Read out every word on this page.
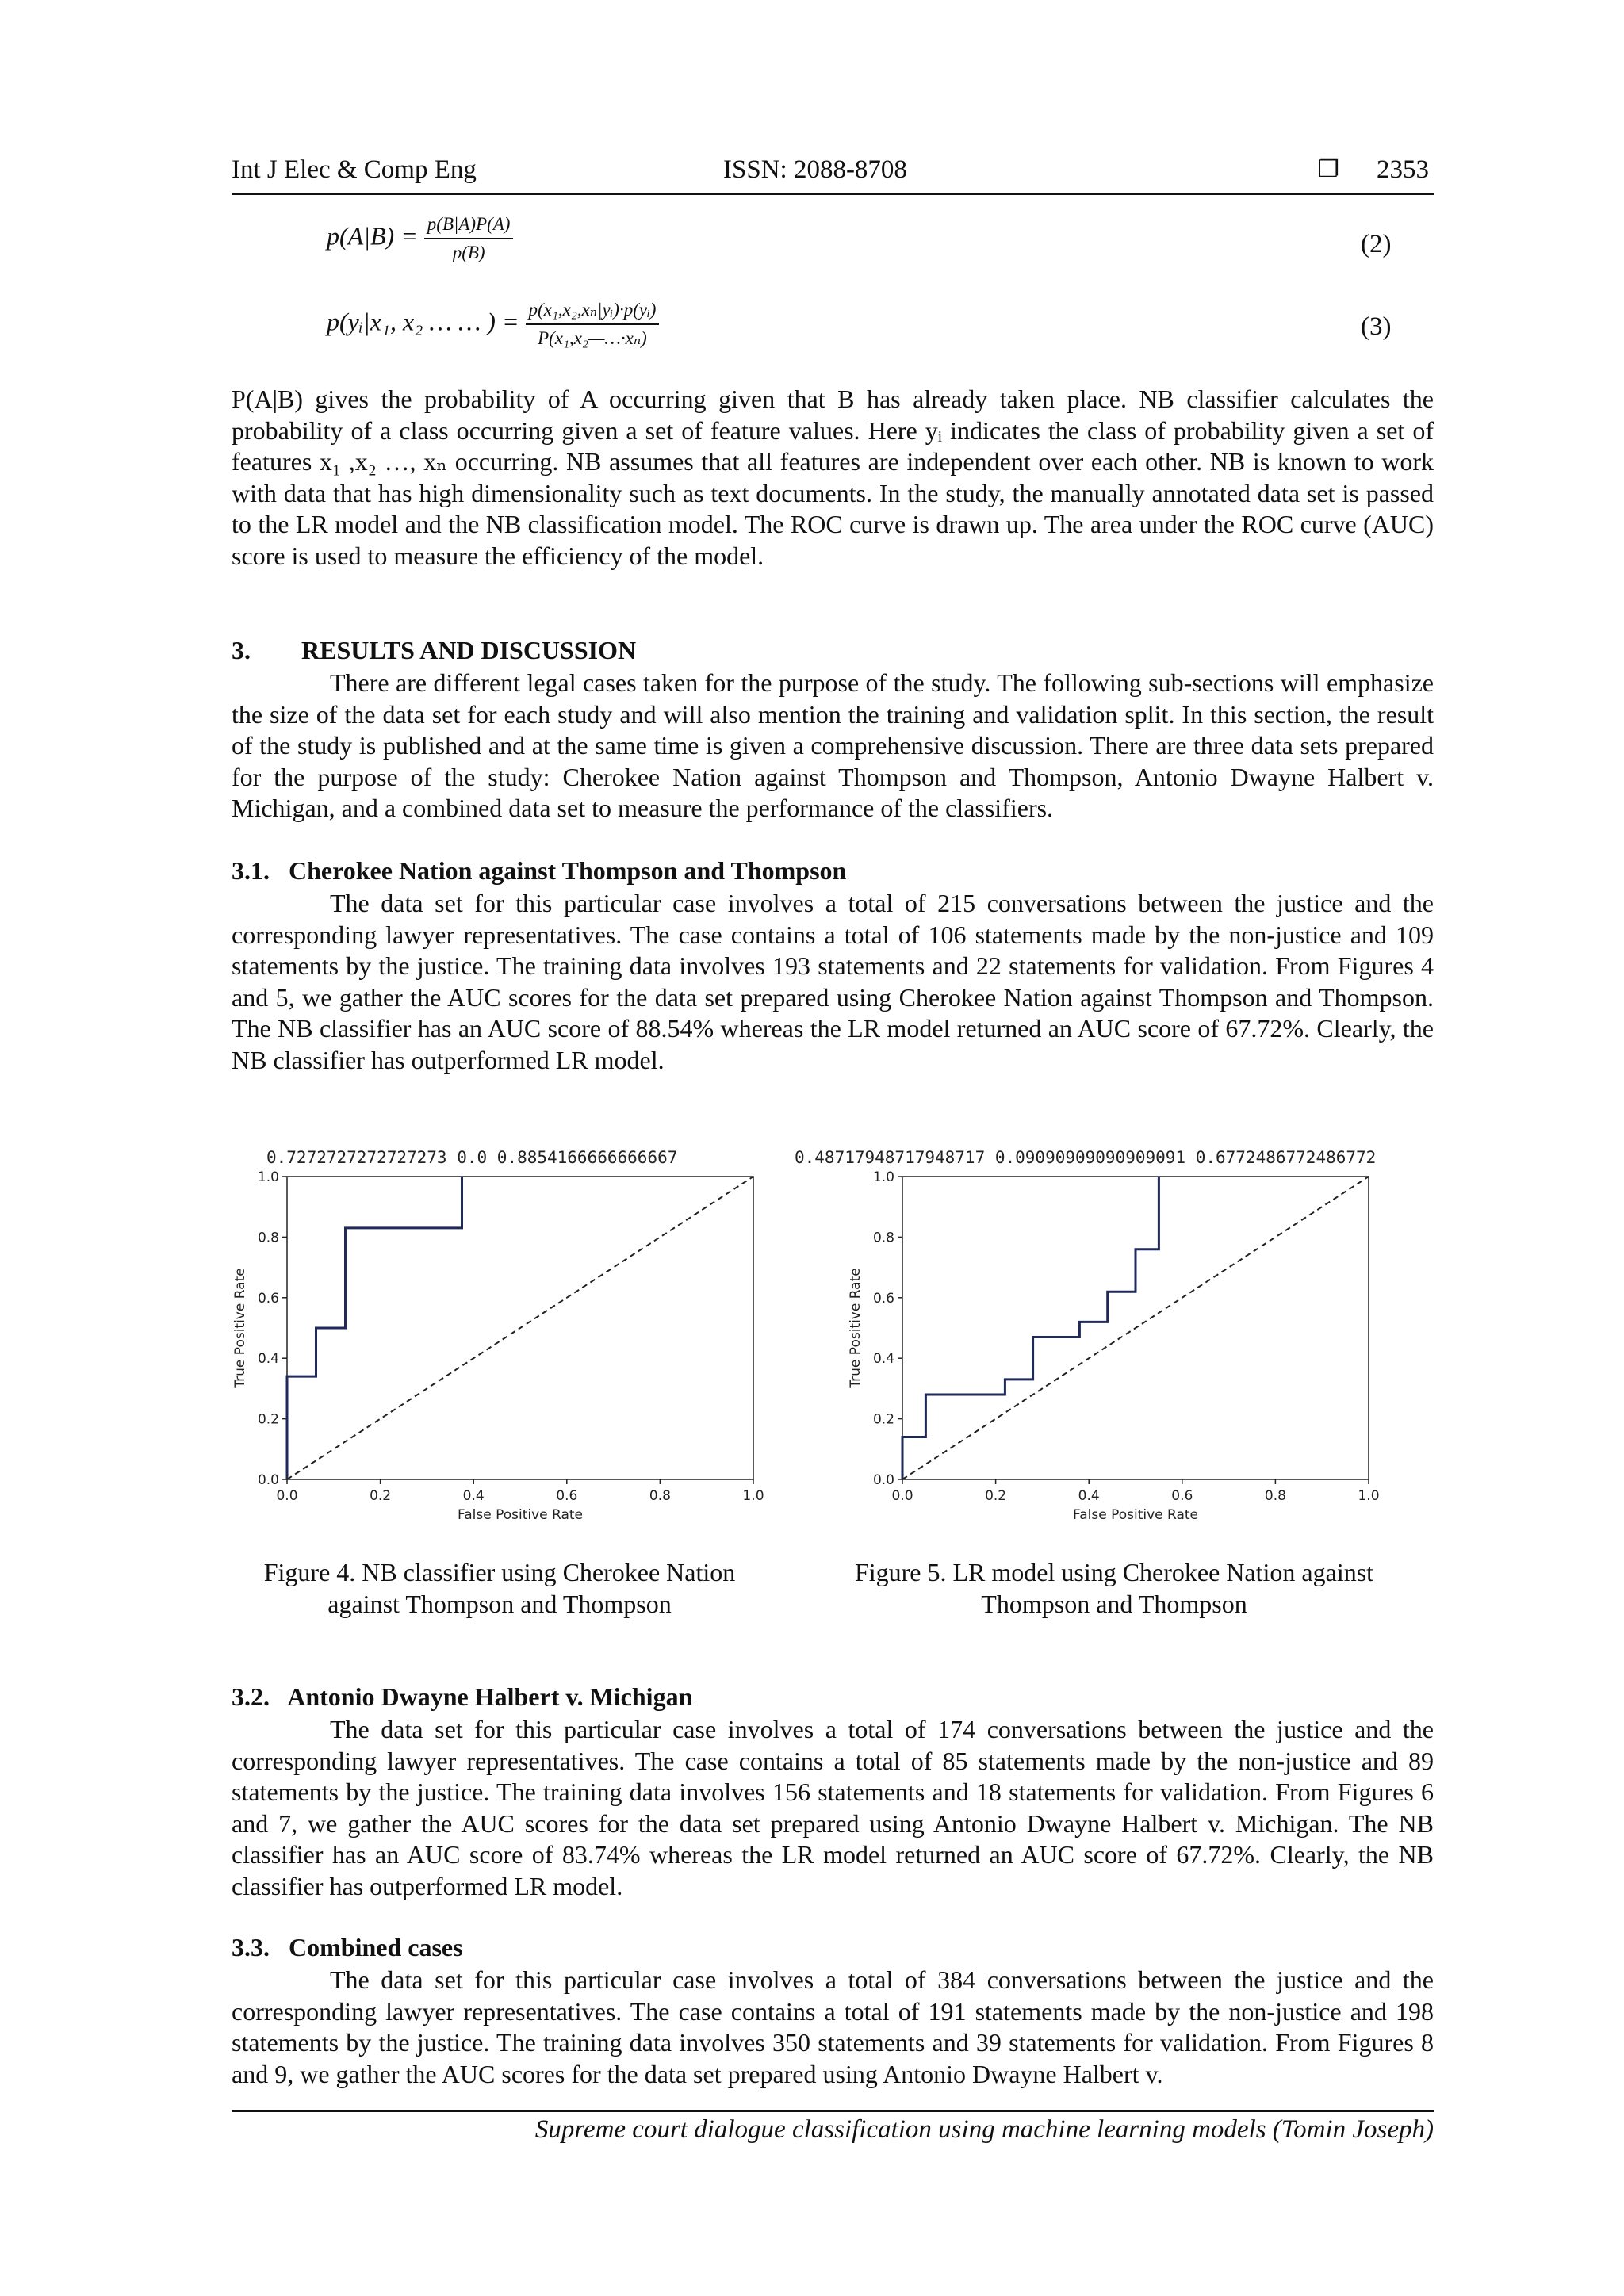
Int J Elec & Comp Eng	ISSN: 2088-8708	❐ 2353
$p(A|B) = \frac{p(B|A)P(A)}{p(B)}$	(2)
p(yᵢ|x₁, x₂ … … ) = $\frac{\text{p(x₁,x₂,xₙ|yᵢ)·p(yᵢ)}}{\text{P(x₁,x₂—…·xₙ)}}$	(3)
P(A|B) gives the probability of A occurring given that B has already taken place. NB classifier calculates the probability of a class occurring given a set of feature values. Here yᵢ indicates the class of probability given a set of features x₁ ,x₂ …, xₙ occurring. NB assumes that all features are independent over each other. NB is known to work with data that has high dimensionality such as text documents. In the study, the manually annotated data set is passed to the LR model and the NB classification model. The ROC curve is drawn up. The area under the ROC curve (AUC) score is used to measure the efficiency of the model.
3.  RESULTS AND DISCUSSION
There are different legal cases taken for the purpose of the study. The following sub-sections will emphasize the size of the data set for each study and will also mention the training and validation split. In this section, the result of the study is published and at the same time is given a comprehensive discussion. There are three data sets prepared for the purpose of the study: Cherokee Nation against Thompson and Thompson, Antonio Dwayne Halbert v. Michigan, and a combined data set to measure the performance of the classifiers.
3.1.  Cherokee Nation against Thompson and Thompson
The data set for this particular case involves a total of 215 conversations between the justice and the corresponding lawyer representatives. The case contains a total of 106 statements made by the non-justice and 109 statements by the justice. The training data involves 193 statements and 22 statements for validation. From Figures 4 and 5, we gather the AUC scores for the data set prepared using Cherokee Nation against Thompson and Thompson. The NB classifier has an AUC score of 88.54% whereas the LR model returned an AUC score of 67.72%. Clearly, the NB classifier has outperformed LR model.
0.7272727272727273 0.0 0.8854166666666667
0.0	0.2	0.4	0.6	0.8	1.0
0.0
0.2
0.4
0.6
0.8
1.0
False Positive Rate
True Positive Rate
Figure 4. NB classifier using Cherokee Nation
against Thompson and Thompson
0.48717948717948717 0.09090909090909091 0.6772486772486772
0.0	0.2	0.4	0.6	0.8	1.0
0.0
0.2
0.4
0.6
0.8
1.0
False Positive Rate
True Positive Rate
Figure 5. LR model using Cherokee Nation against
Thompson and Thompson
3.2.  Antonio Dwayne Halbert v. Michigan
The data set for this particular case involves a total of 174 conversations between the justice and the corresponding lawyer representatives. The case contains a total of 85 statements made by the non-justice and 89 statements by the justice. The training data involves 156 statements and 18 statements for validation. From Figures 6 and 7, we gather the AUC scores for the data set prepared using Antonio Dwayne Halbert v. Michigan. The NB classifier has an AUC score of 83.74% whereas the LR model returned an AUC score of 67.72%. Clearly, the NB classifier has outperformed LR model.
3.3.  Combined cases
The data set for this particular case involves a total of 384 conversations between the justice and the corresponding lawyer representatives. The case contains a total of 191 statements made by the non-justice and 198 statements by the justice. The training data involves 350 statements and 39 statements for validation. From Figures 8 and 9, we gather the AUC scores for the data set prepared using Antonio Dwayne Halbert v.
Supreme court dialogue classification using machine learning models (Tomin Joseph)
